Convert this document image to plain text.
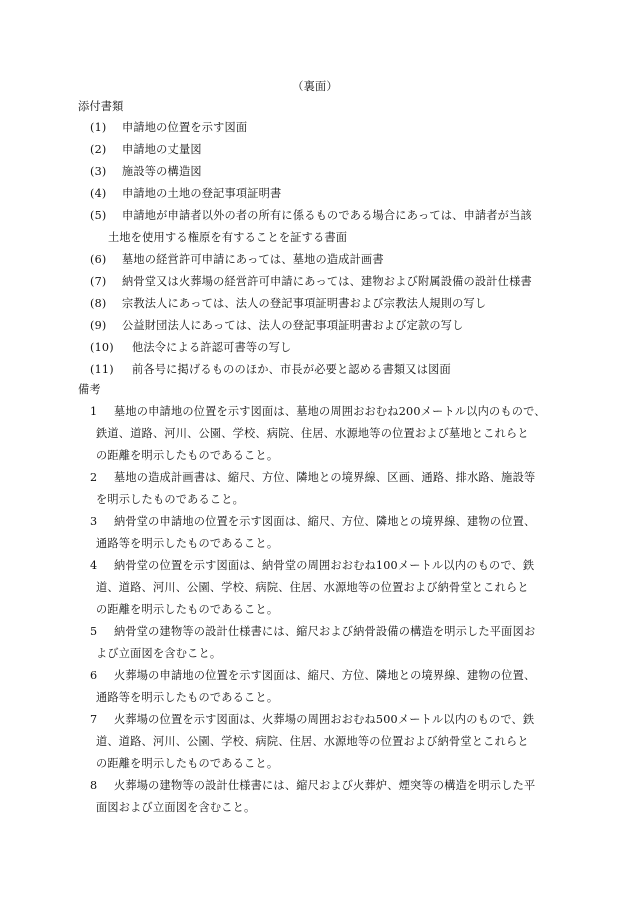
（裏面）
添付書類
(1) 申請地の位置を示す図面
(2) 申請地の丈量図
(3) 施設等の構造図
(4) 申請地の土地の登記事項証明書
(5) 申請地が申請者以外の者の所有に係るものである場合にあっては、申請者が当該
土地を使用する権原を有することを証する書面
(6) 墓地の経営許可申請にあっては、墓地の造成計画書
(7) 納骨堂又は火葬場の経営許可申請にあっては、建物および附属設備の設計仕様書
(8) 宗教法人にあっては、法人の登記事項証明書および宗教法人規則の写し
(9) 公益財団法人にあっては、法人の登記事項証明書および定款の写し
(10) 他法令による許認可書等の写し
(11) 前各号に掲げるもののほか、市長が必要と認める書類又は図面
備考
1 墓地の申請地の位置を示す図面は、墓地の周囲おおむね200メートル以内のもので、
鉄道、道路、河川、公園、学校、病院、住居、水源地等の位置および墓地とこれらと
の距離を明示したものであること。
2 墓地の造成計画書は、縮尺、方位、隣地との境界線、区画、通路、排水路、施設等
を明示したものであること。
3 納骨堂の申請地の位置を示す図面は、縮尺、方位、隣地との境界線、建物の位置、
通路等を明示したものであること。
4 納骨堂の位置を示す図面は、納骨堂の周囲おおむね100メートル以内のもので、鉄
道、道路、河川、公園、学校、病院、住居、水源地等の位置および納骨堂とこれらと
の距離を明示したものであること。
5 納骨堂の建物等の設計仕様書には、縮尺および納骨設備の構造を明示した平面図お
よび立面図を含むこと。
6 火葬場の申請地の位置を示す図面は、縮尺、方位、隣地との境界線、建物の位置、
通路等を明示したものであること。
7 火葬場の位置を示す図面は、火葬場の周囲おおむね500メートル以内のもので、鉄
道、道路、河川、公園、学校、病院、住居、水源地等の位置および納骨堂とこれらと
の距離を明示したものであること。
8 火葬場の建物等の設計仕様書には、縮尺および火葬炉、煙突等の構造を明示した平
面図および立面図を含むこと。
